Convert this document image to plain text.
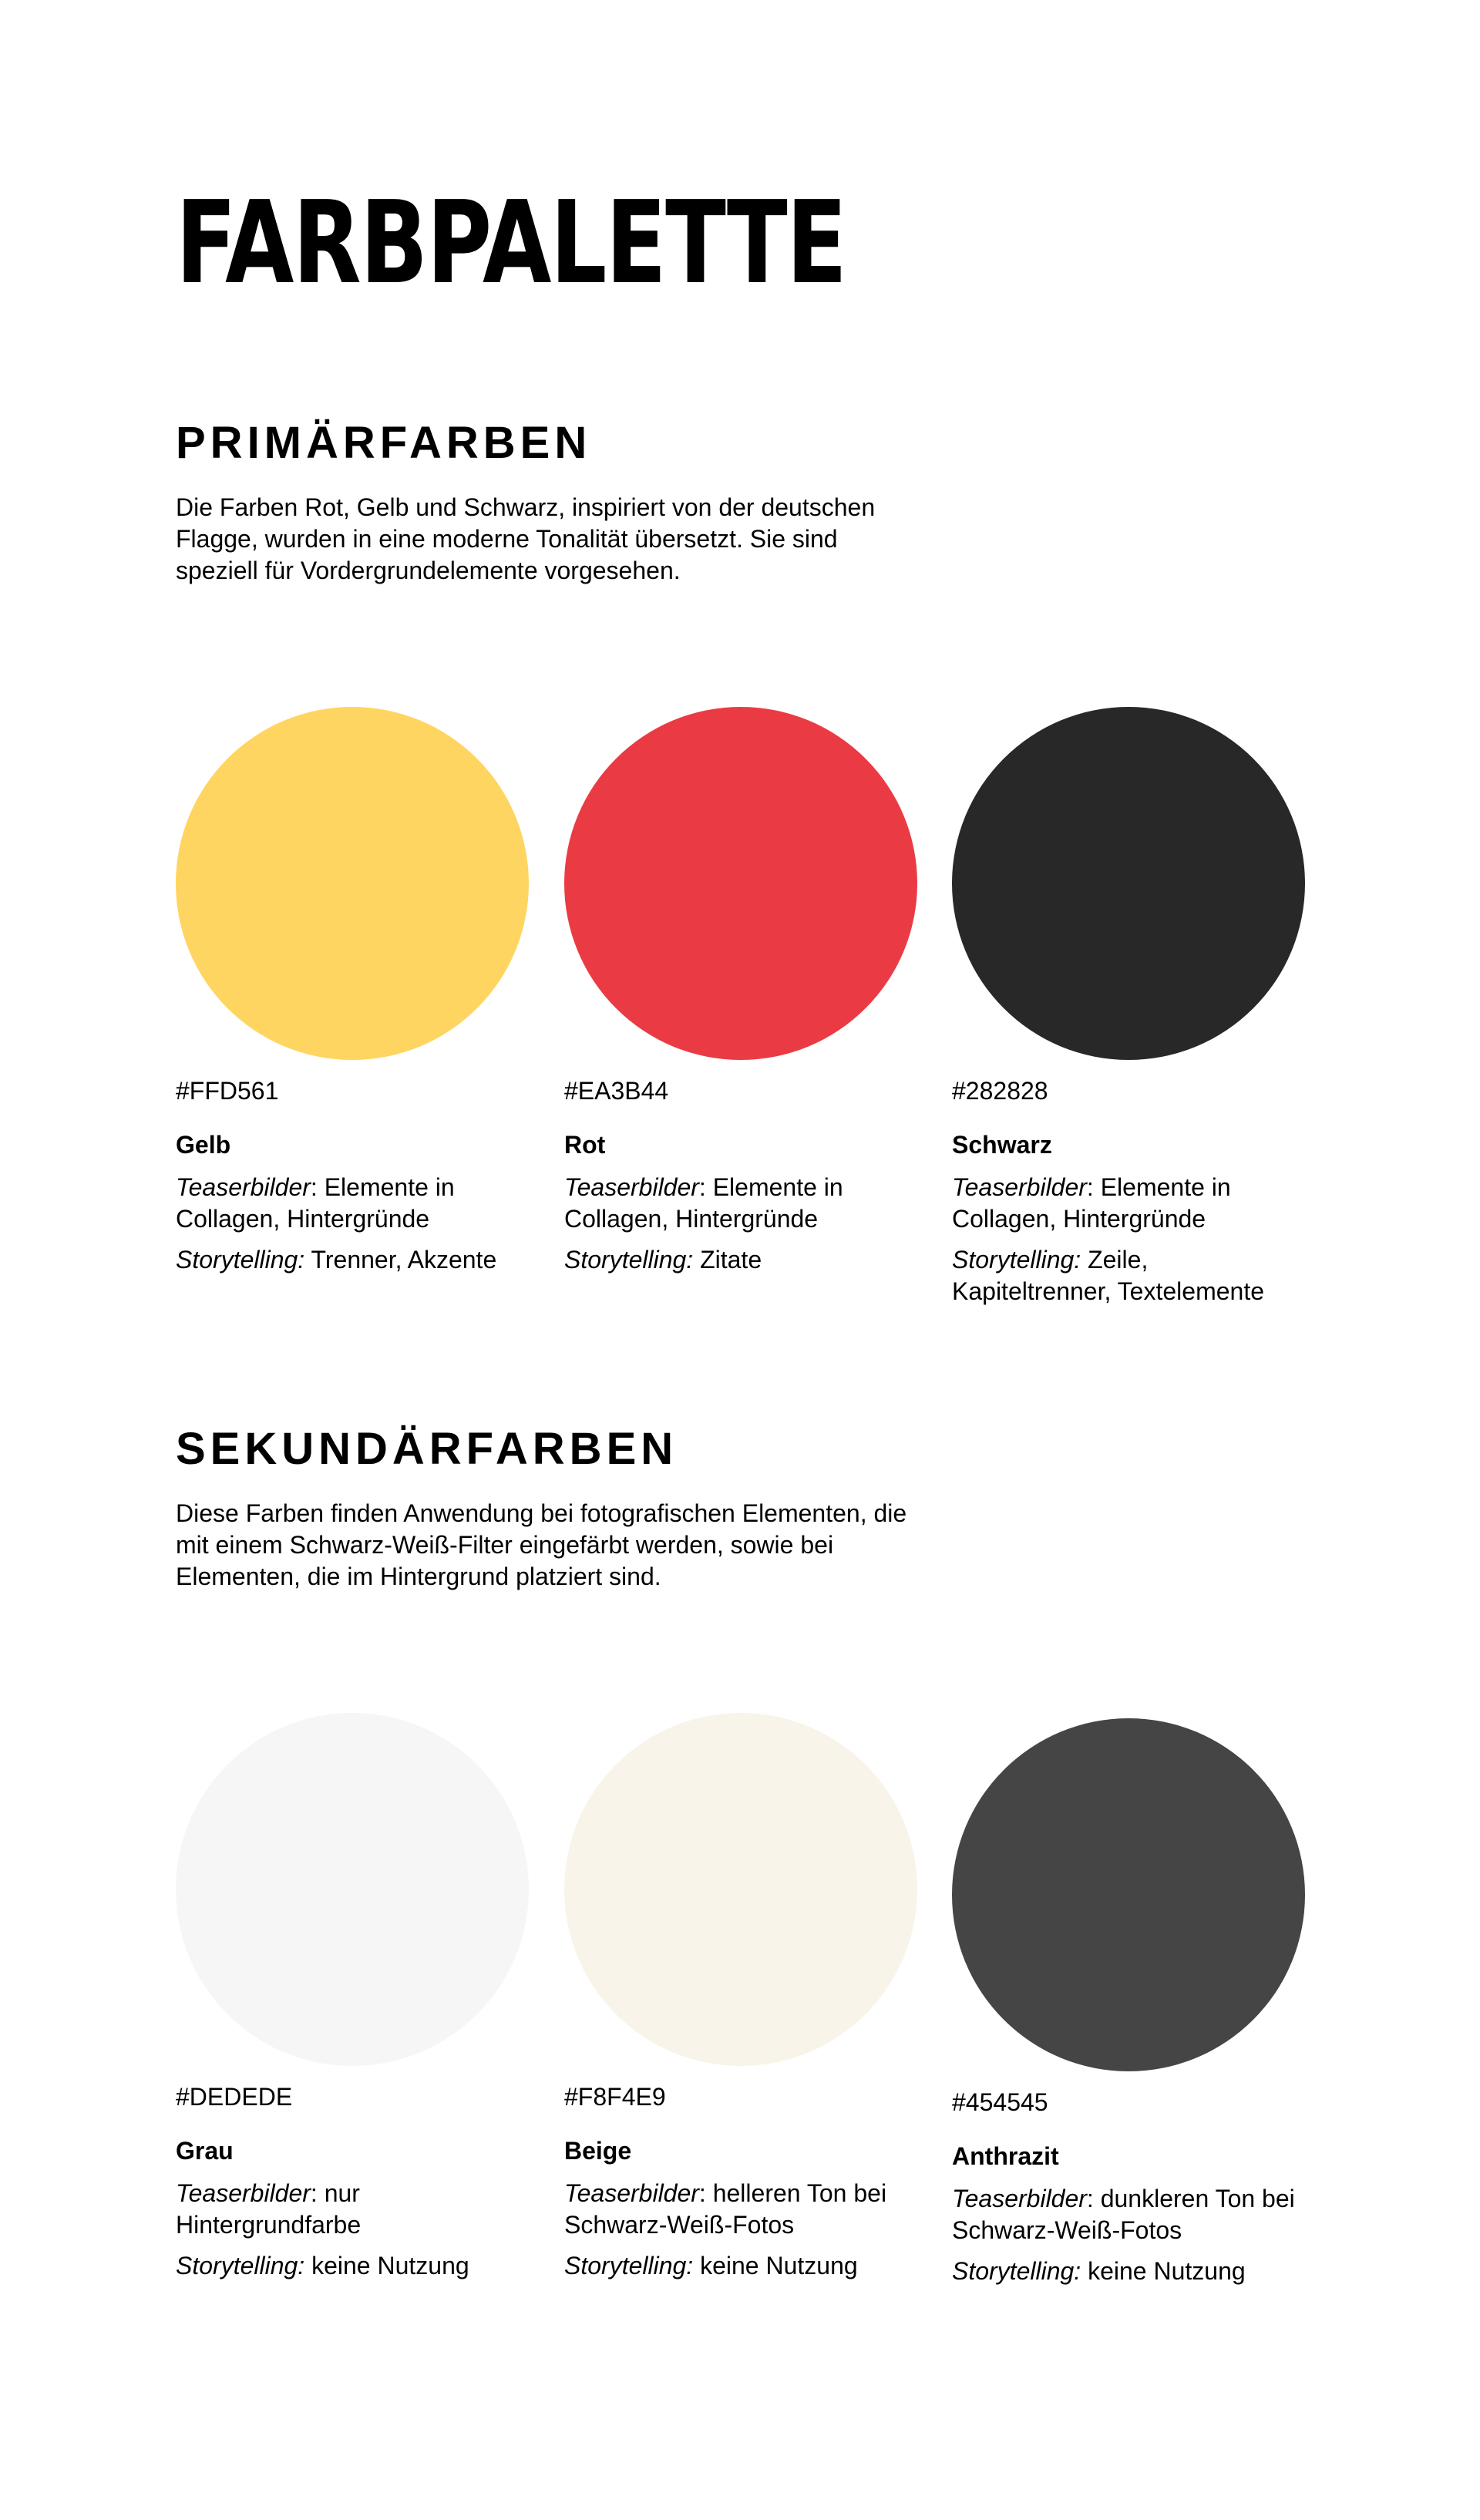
FARBPALETTE
PRIMÄRFARBEN

Die Farben Rot, Gelb und Schwarz, inspiriert von der deutschen Flagge, wurden in eine moderne Tonalität übersetzt. Sie sind speziell für Vordergrundelemente vorgesehen.

#FFD561

Gelb

Teaserbilder: Elemente in Collagen, Hintergründe

Storytelling: Trenner, Akzente

#EA3B44

Rot

Teaserbilder: Elemente in Collagen, Hintergründe

Storytelling: Zitate

#282828

Schwarz

Teaserbilder: Elemente in Collagen, Hintergründe

Storytelling: Zeile, Kapiteltrenner, Textelemente

SEKUNDÄRFARBEN

Diese Farben finden Anwendung bei fotografischen Elementen, die mit einem Schwarz-Weiß-Filter eingefärbt werden, sowie bei Elementen, die im Hintergrund platziert sind.

#DEDEDE

Grau

Teaserbilder: nur Hintergrundfarbe

Storytelling: keine Nutzung

#F8F4E9

Beige

Teaserbilder: helleren Ton bei Schwarz-Weiß-Fotos

Storytelling: keine Nutzung

#454545

Anthrazit

Teaserbilder: dunkleren Ton bei Schwarz-Weiß-Fotos

Storytelling: keine Nutzung
